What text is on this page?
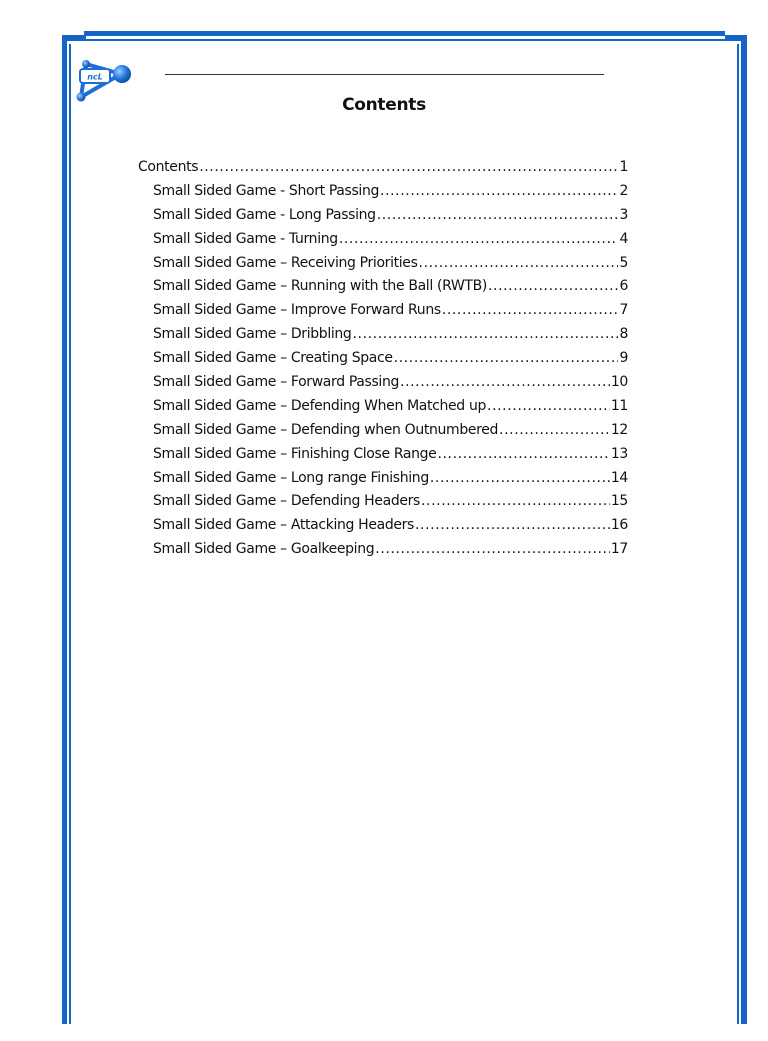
ncL
Contents
Contents .....	1
Small Sided Game - Short Passing .....	2
Small Sided Game - Long Passing .....	3
Small Sided Game - Turning .....	4
Small Sided Game – Receiving Priorities .....	5
Small Sided Game – Running with the Ball (RWTB) .....	6
Small Sided Game – Improve Forward Runs .....	7
Small Sided Game – Dribbling .....	8
Small Sided Game – Creating Space .....	9
Small Sided Game – Forward Passing .....	10
Small Sided Game – Defending When Matched up .....	11
Small Sided Game – Defending when Outnumbered .....	12
Small Sided Game – Finishing Close Range .....	13
Small Sided Game – Long range Finishing .....	14
Small Sided Game – Defending Headers .....	15
Small Sided Game – Attacking Headers .....	16
Small Sided Game – Goalkeeping .....	17
